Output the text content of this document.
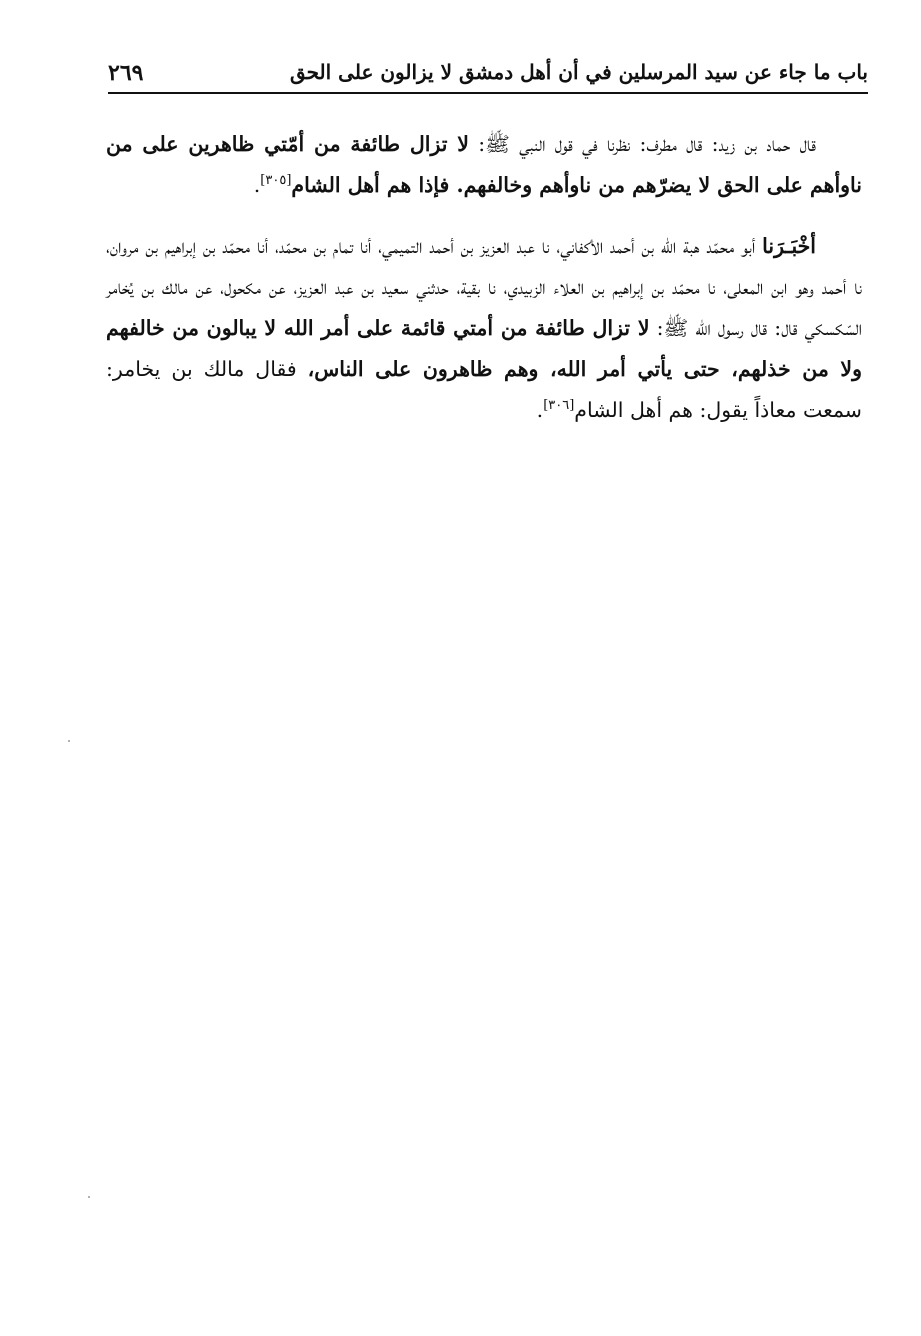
٢٦٩	باب ما جاء عن سيد المرسلين في أن أهل دمشق لا يزالون على الحق

قال حماد بن زيد: قال مطرف: نظرنا في قول النبي ﷺ: لا تزال طائفة من أمّتي ظاهرين على من ناوأهم على الحق لا يضرّهم من ناوأهم وخالفهم. فإذا هم أهل الشام[٣٠٥].

أخْبَـرَنا أبو محمّد هبة الله بن أحمد الأكفاني، نا عبد العزيز بن أحمد التميمي، أنا تمام بن محمّد، أنا محمّد بن إبراهيم بن مروان، نا أحمد وهو ابن المعلى، نا محمّد بن إبراهيم بن العلاء الزبيدي، نا بقية، حدثني سعيد بن عبد العزيز، عن مكحول، عن مالك بن يُخامر السّكسكي قال: قال رسول الله ﷺ: لا تزال طائفة من أمتي قائمة على أمر الله لا يبالون من خالفهم ولا من خذلهم، حتى يأتي أمر الله، وهم ظاهرون على الناس، فقال مالك بن يخامر: سمعت معاذاً يقول: هم أهل الشام[٣٠٦].
